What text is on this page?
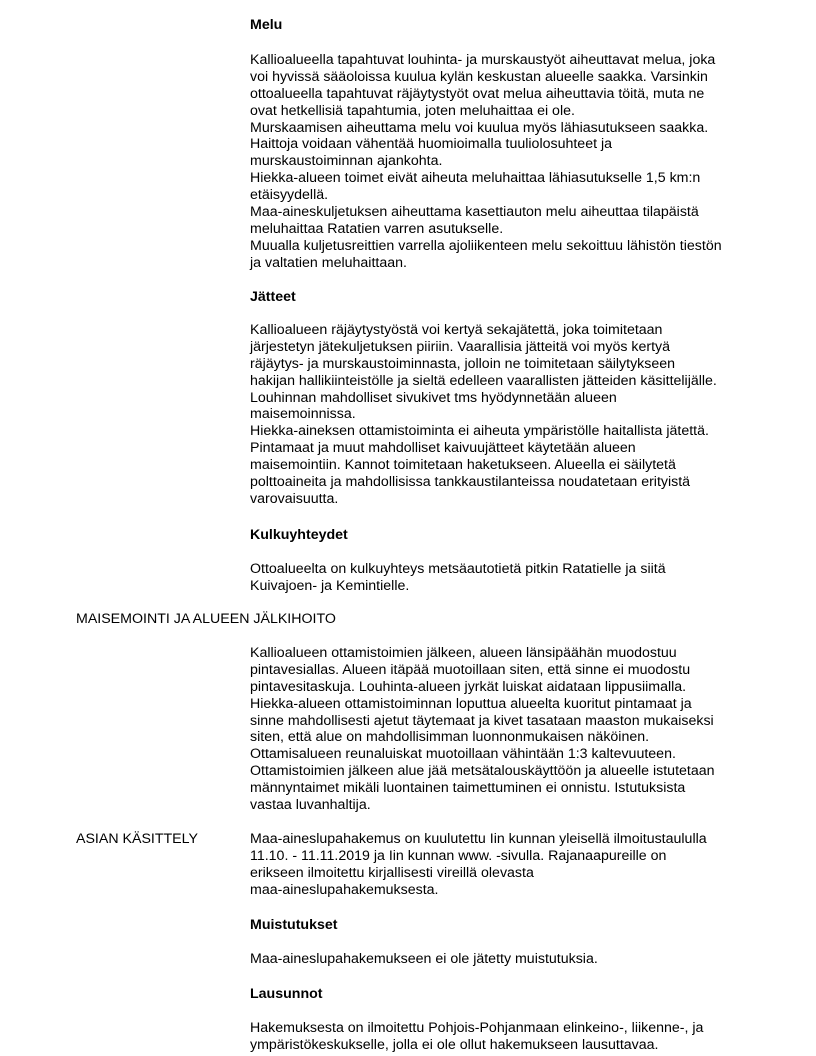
Melu
Kallioalueella tapahtuvat louhinta- ja murskaustyöt aiheuttavat melua, joka
voi hyvissä sääoloissa kuulua kylän keskustan alueelle saakka. Varsinkin
ottoalueella tapahtuvat räjäytystyöt ovat melua aiheuttavia töitä, muta ne
ovat hetkellisiä tapahtumia, joten meluhaittaa ei ole.
Murskaamisen aiheuttama melu voi kuulua myös lähiasutukseen saakka.
Haittoja voidaan vähentää huomioimalla tuuliolosuhteet ja
murskaustoiminnan ajankohta.
Hiekka-alueen toimet eivät aiheuta meluhaittaa lähiasutukselle 1,5 km:n
etäisyydellä.
Maa-aineskuljetuksen aiheuttama kasettiauton melu aiheuttaa tilapäistä
meluhaittaa Ratatien varren asutukselle.
Muualla kuljetusreittien varrella ajoliikenteen melu sekoittuu lähistön tiestön
ja valtatien meluhaittaan.
Jätteet
Kallioalueen räjäytystyöstä voi kertyä sekajätettä, joka toimitetaan
järjestetyn jätekuljetuksen piiriin. Vaarallisia jätteitä voi myös kertyä
räjäytys- ja murskaustoiminnasta, jolloin ne toimitetaan säilytykseen
hakijan hallikiinteistölle ja sieltä edelleen vaarallisten jätteiden käsittelijälle.
Louhinnan mahdolliset sivukivet tms hyödynnetään alueen
maisemoinnissa.
Hiekka-aineksen ottamistoiminta ei aiheuta ympäristölle haitallista jätettä.
Pintamaat ja muut mahdolliset kaivuujätteet käytetään alueen
maisemointiin. Kannot toimitetaan haketukseen. Alueella ei säilytetä
polttoaineita ja mahdollisissa tankkaustilanteissa noudatetaan erityistä
varovaisuutta.
Kulkuyhteydet
Ottoalueelta on kulkuyhteys metsäautotietä pitkin Ratatielle ja siitä
Kuivajoen- ja Kemintielle.
MAISEMOINTI JA ALUEEN JÄLKIHOITO
Kallioalueen ottamistoimien jälkeen, alueen länsipäähän muodostuu
pintavesiallas. Alueen itäpää muotoillaan siten, että sinne ei muodostu
pintavesitaskuja. Louhinta-alueen jyrkät luiskat aidataan lippusiimalla.
Hiekka-alueen ottamistoiminnan loputtua alueelta kuoritut pintamaat ja
sinne mahdollisesti ajetut täytemaat ja kivet tasataan maaston mukaiseksi
siten, että alue on mahdollisimman luonnonmukaisen näköinen.
Ottamisalueen reunaluiskat muotoillaan vähintään 1:3 kaltevuuteen.
Ottamistoimien jälkeen alue jää metsätalouskäyttöön ja alueelle istutetaan
männyntaimet mikäli luontainen taimettuminen ei onnistu. Istutuksista
vastaa luvanhaltija.
ASIAN KÄSITTELY	Maa-aineslupahakemus on kuulutettu Iin kunnan yleisellä ilmoitustaululla
11.10. - 11.11.2019 ja Iin kunnan www. -sivulla. Rajanaapureille on
erikseen ilmoitettu kirjallisesti vireillä olevasta
maa-aineslupahakemuksesta.
Muistutukset
Maa-aineslupahakemukseen ei ole jätetty muistutuksia.
Lausunnot
Hakemuksesta on ilmoitettu Pohjois-Pohjanmaan elinkeino-, liikenne-, ja
ympäristökeskukselle, jolla ei ole ollut hakemukseen lausuttavaa.
